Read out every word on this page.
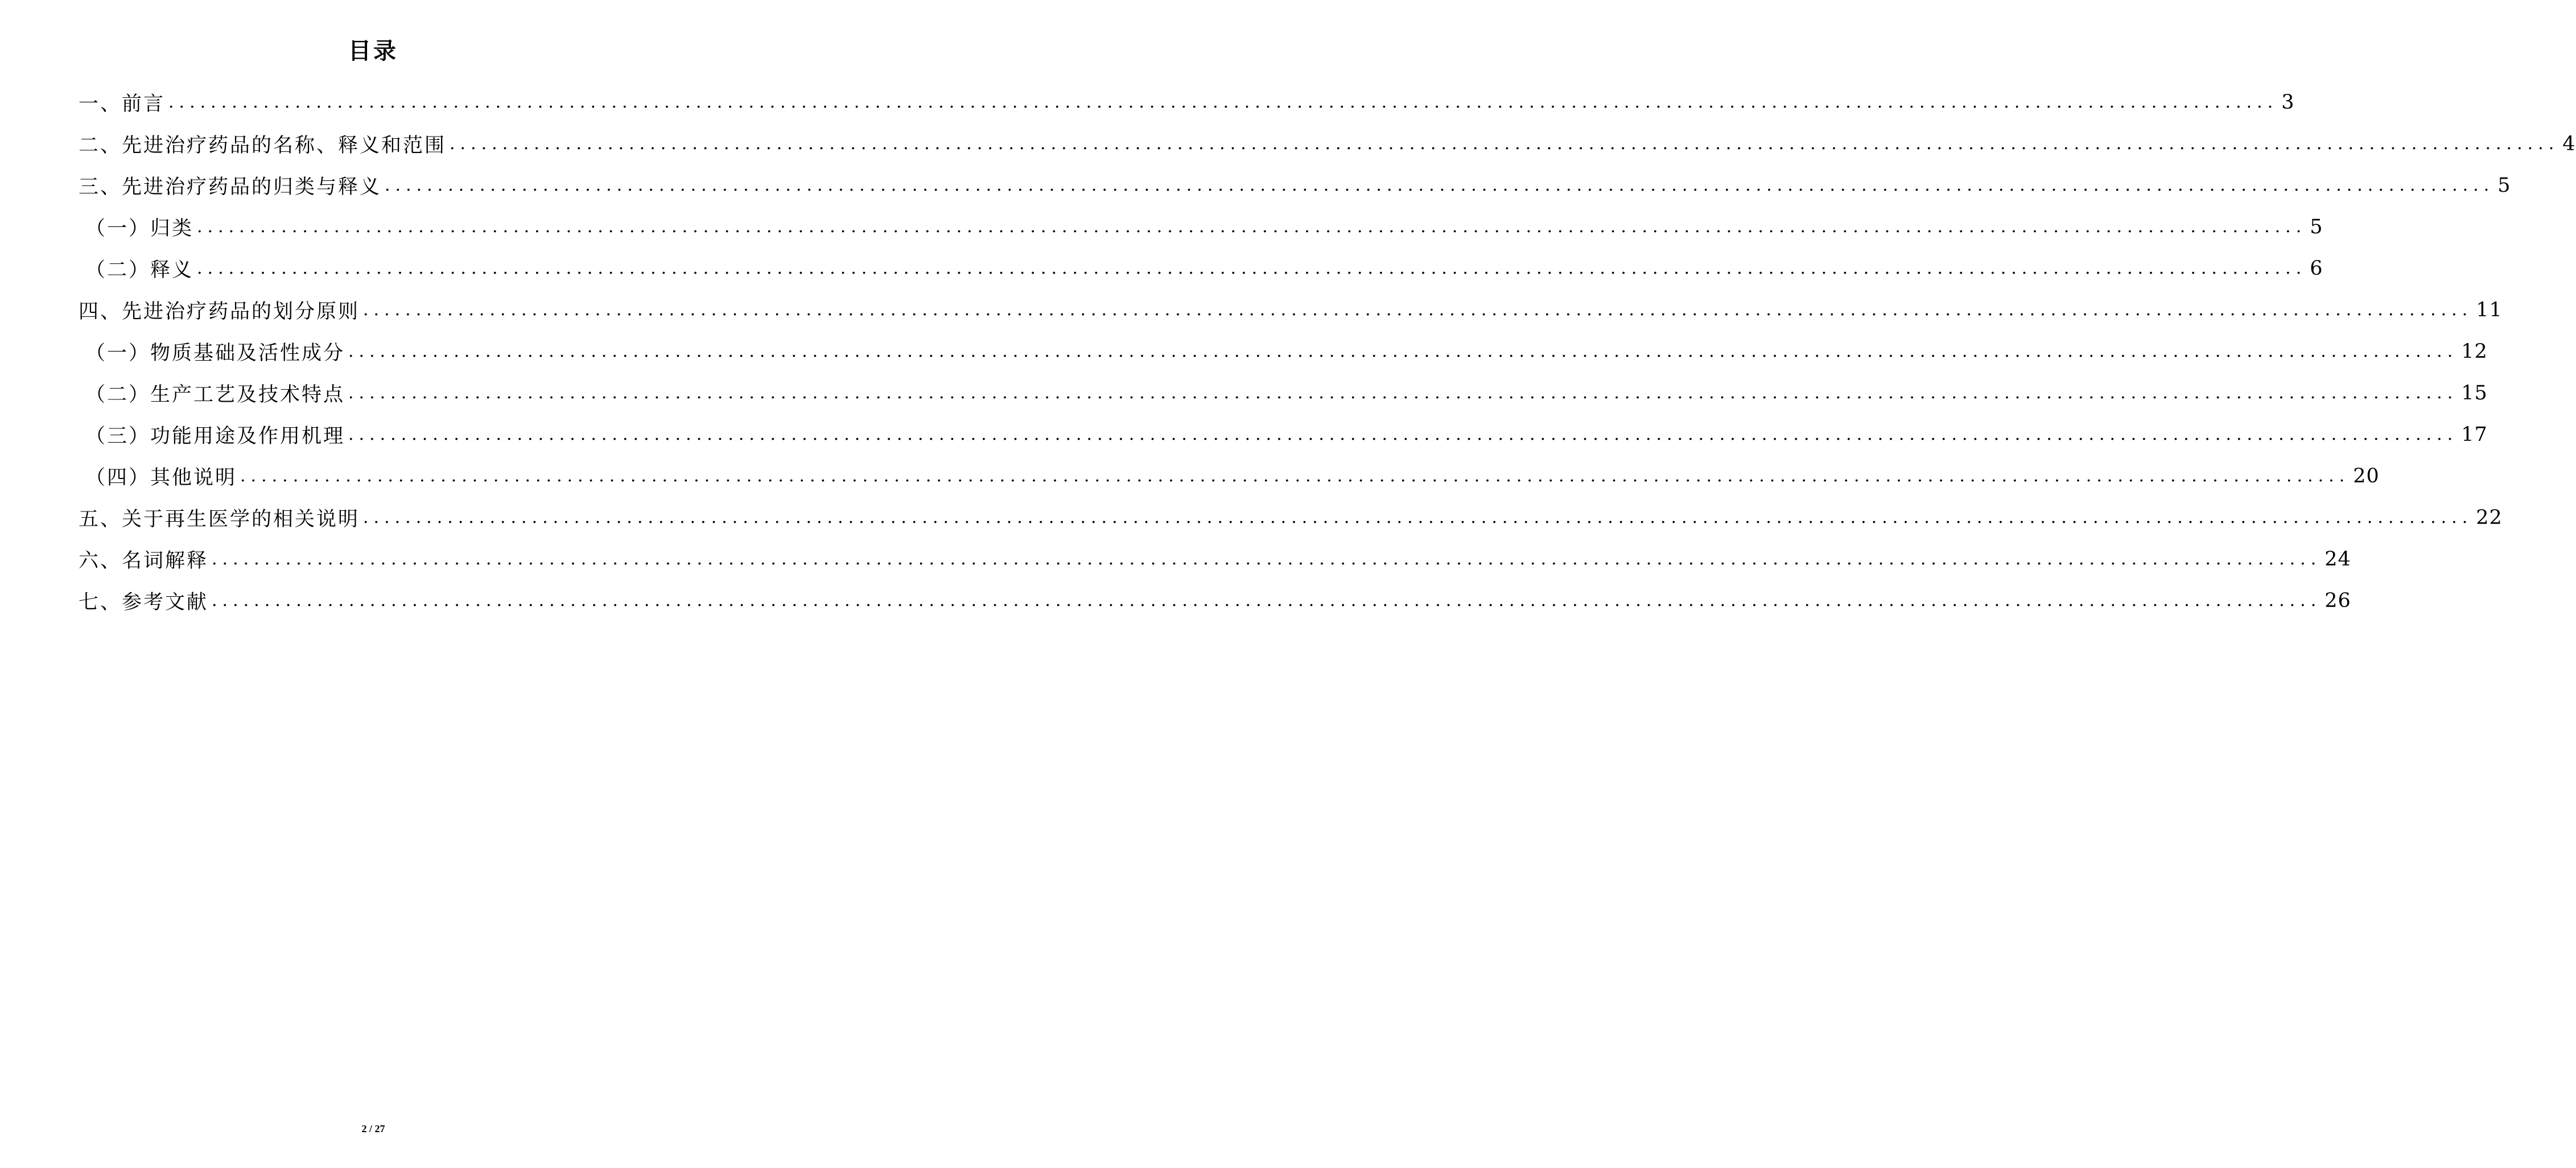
目录
一、前言 ........................................................................................................................................................................................................ 3
二、先进治疗药品的名称、释义和范围 ........................................................................................................................................................................................................ 4
三、先进治疗药品的归类与释义 ........................................................................................................................................................................................................ 5
（一）归类 ........................................................................................................................................................................................................ 5
（二）释义 ........................................................................................................................................................................................................ 6
四、先进治疗药品的划分原则 ........................................................................................................................................................................................................ 11
（一）物质基础及活性成分 ........................................................................................................................................................................................................ 12
（二）生产工艺及技术特点 ........................................................................................................................................................................................................ 15
（三）功能用途及作用机理 ........................................................................................................................................................................................................ 17
（四）其他说明 ........................................................................................................................................................................................................ 20
五、关于再生医学的相关说明 ........................................................................................................................................................................................................ 22
六、名词解释 ........................................................................................................................................................................................................ 24
七、参考文献 ........................................................................................................................................................................................................ 26
2 / 27
